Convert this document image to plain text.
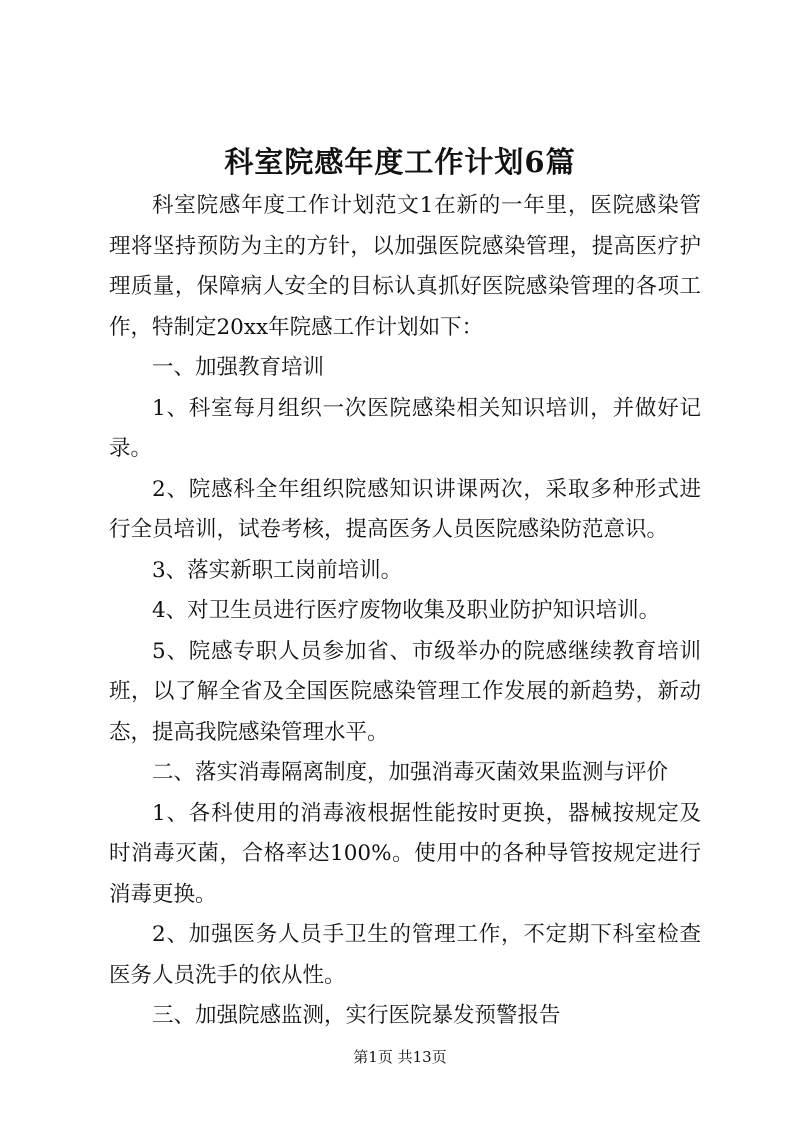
科室院感年度工作计划6篇

科室院感年度工作计划范文1在新的一年里，医院感染管理将坚持预防为主的方针，以加强医院感染管理，提高医疗护理质量，保障病人安全的目标认真抓好医院感染管理的各项工作，特制定20xx年院感工作计划如下：

一、加强教育培训

1、科室每月组织一次医院感染相关知识培训，并做好记录。

2、院感科全年组织院感知识讲课两次，采取多种形式进行全员培训，试卷考核，提高医务人员医院感染防范意识。

3、落实新职工岗前培训。

4、对卫生员进行医疗废物收集及职业防护知识培训。

5、院感专职人员参加省、市级举办的院感继续教育培训班，以了解全省及全国医院感染管理工作发展的新趋势，新动态，提高我院感染管理水平。

二、落实消毒隔离制度，加强消毒灭菌效果监测与评价

1、各科使用的消毒液根据性能按时更换，器械按规定及时消毒灭菌，合格率达100%。使用中的各种导管按规定进行消毒更换。

2、加强医务人员手卫生的管理工作，不定期下科室检查医务人员洗手的依从性。

三、加强院感监测，实行医院暴发预警报告

第1页 共13页
